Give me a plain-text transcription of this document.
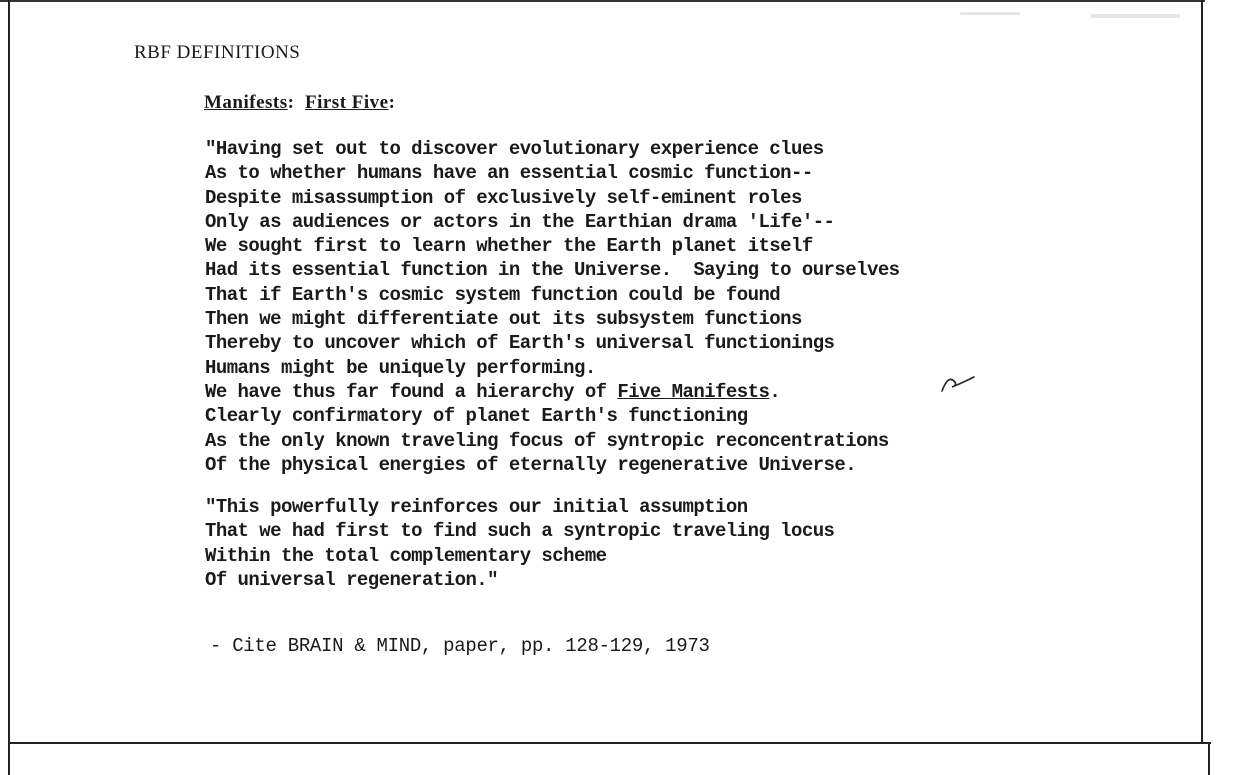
RBF DEFINITIONS
Manifests:  First Five:
"Having set out to discover evolutionary experience clues
As to whether humans have an essential cosmic function--
Despite misassumption of exclusively self-eminent roles
Only as audiences or actors in the Earthian drama 'Life'--
We sought first to learn whether the Earth planet itself
Had its essential function in the Universe.  Saying to ourselves
That if Earth's cosmic system function could be found
Then we might differentiate out its subsystem functions
Thereby to uncover which of Earth's universal functionings
Humans might be uniquely performing.
We have thus far found a hierarchy of Five Manifests.
Clearly confirmatory of planet Earth's functioning
As the only known traveling focus of syntropic reconcentrations
Of the physical energies of eternally regenerative Universe.
"This powerfully reinforces our initial assumption
That we had first to find such a syntropic traveling locus
Within the total complementary scheme
Of universal regeneration."
- Cite BRAIN & MIND, paper, pp. 128-129, 1973
